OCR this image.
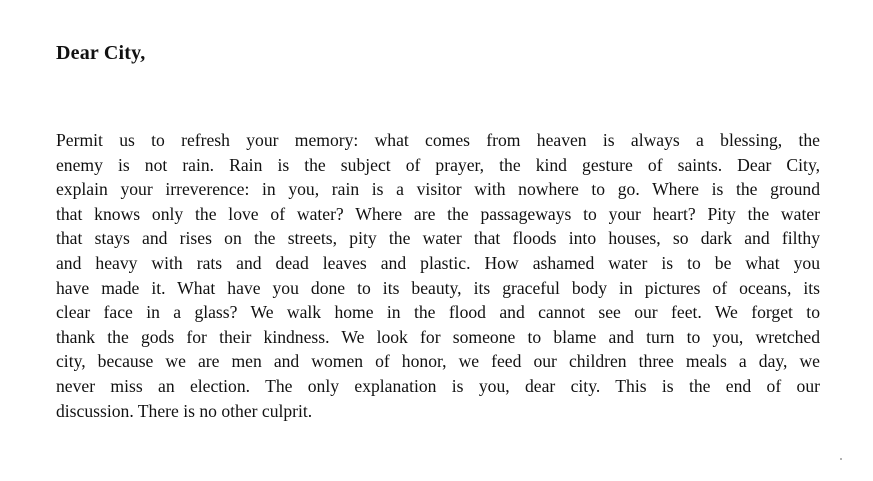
Dear City,
Permit us to refresh your memory: what comes from heaven is always a blessing, the
enemy is not rain. Rain is the subject of prayer, the kind gesture of saints. Dear City,
explain your irreverence: in you, rain is a visitor with nowhere to go. Where is the ground
that knows only the love of water? Where are the passageways to your heart? Pity the water
that stays and rises on the streets, pity the water that floods into houses, so dark and filthy
and heavy with rats and dead leaves and plastic. How ashamed water is to be what you
have made it. What have you done to its beauty, its graceful body in pictures of oceans, its
clear face in a glass? We walk home in the flood and cannot see our feet. We forget to
thank the gods for their kindness. We look for someone to blame and turn to you, wretched
city, because we are men and women of honor, we feed our children three meals a day, we
never miss an election. The only explanation is you, dear city. This is the end of our
discussion. There is no other culprit.
